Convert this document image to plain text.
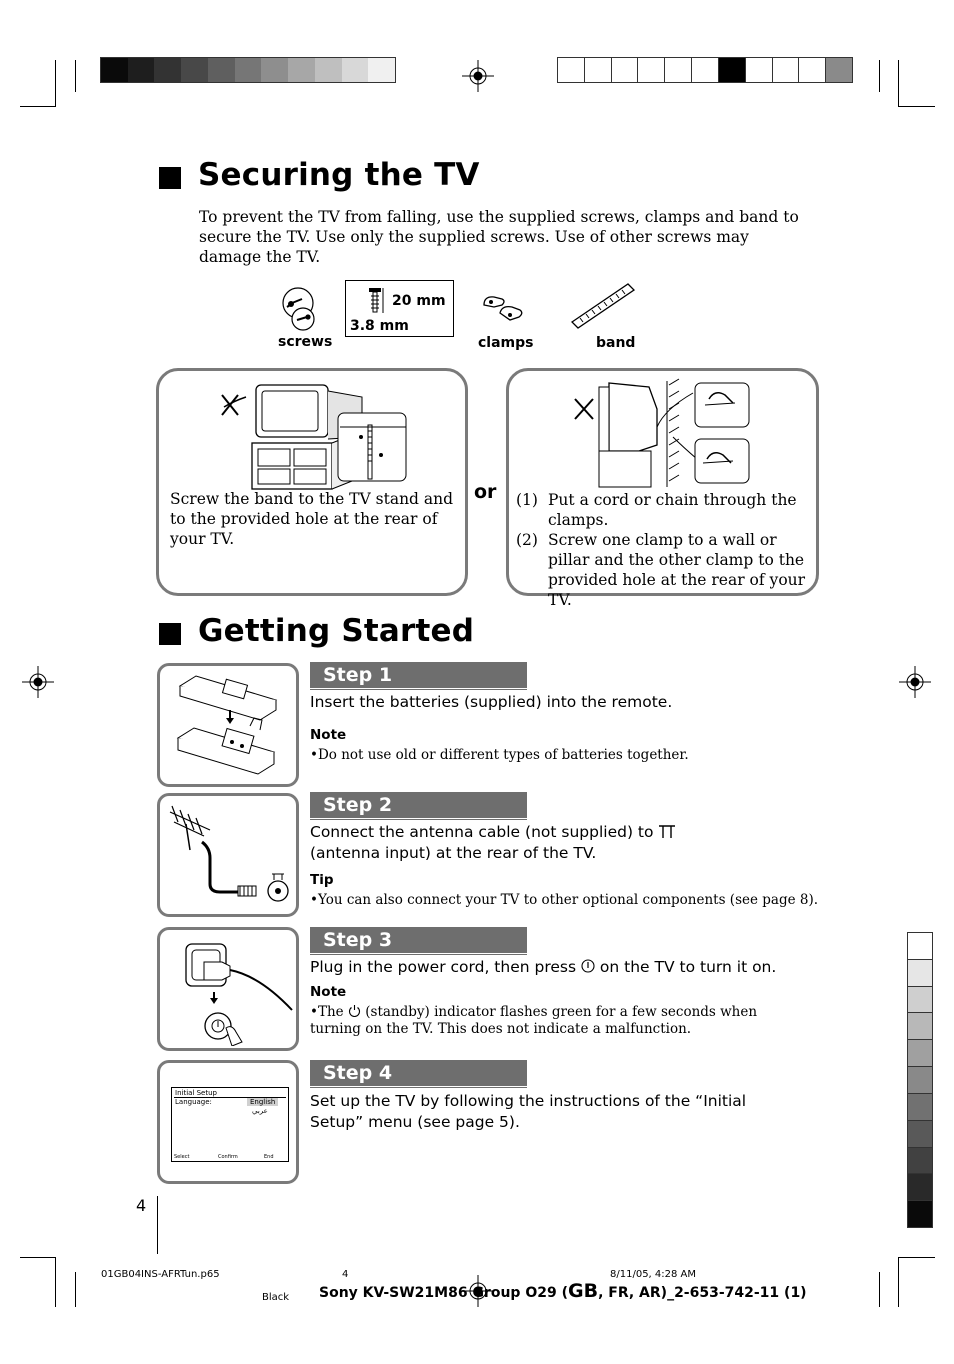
Securing the TV
To prevent the TV from falling, use the supplied screws, clamps and band to secure the TV. Use only the supplied screws. Use of other screws may damage the TV.
screws
20 mm
3.8 mm
clamps	band
Screw the band to the TV stand and to the provided hole at the rear of your TV.
or (1) Put a cord or chain through the clamps.
(2) Screw one clamp to a wall or pillar and the other clamp to the provided hole at the rear of your TV.
Getting Started
Step 1
Insert the batteries (supplied) into the remote.
Note
•Do not use old or different types of batteries together.
Step 2
Connect the antenna cable (not supplied) to
(antenna input) at the rear of the TV.
Tip
•You can also connect your TV to other optional components (see page 8).
Step 3
Plug in the power cord, then press on the TV to turn it on.
Note
•The (standby) indicator flashes green for a few seconds when turning on the TV. This does not indicate a malfunction.
Initial Setup
Language:	English
عربي
Select	Confirm	End
Step 4
Set up the TV by following the instructions of the “Initial Setup” menu (see page 5).
4
01GB04INS-AFRTun.p65	4	8/11/05, 4:28 AM
Black Sony KV-SW21M86 Group O29 (GB, FR, AR)_2-653-742-11 (1)
